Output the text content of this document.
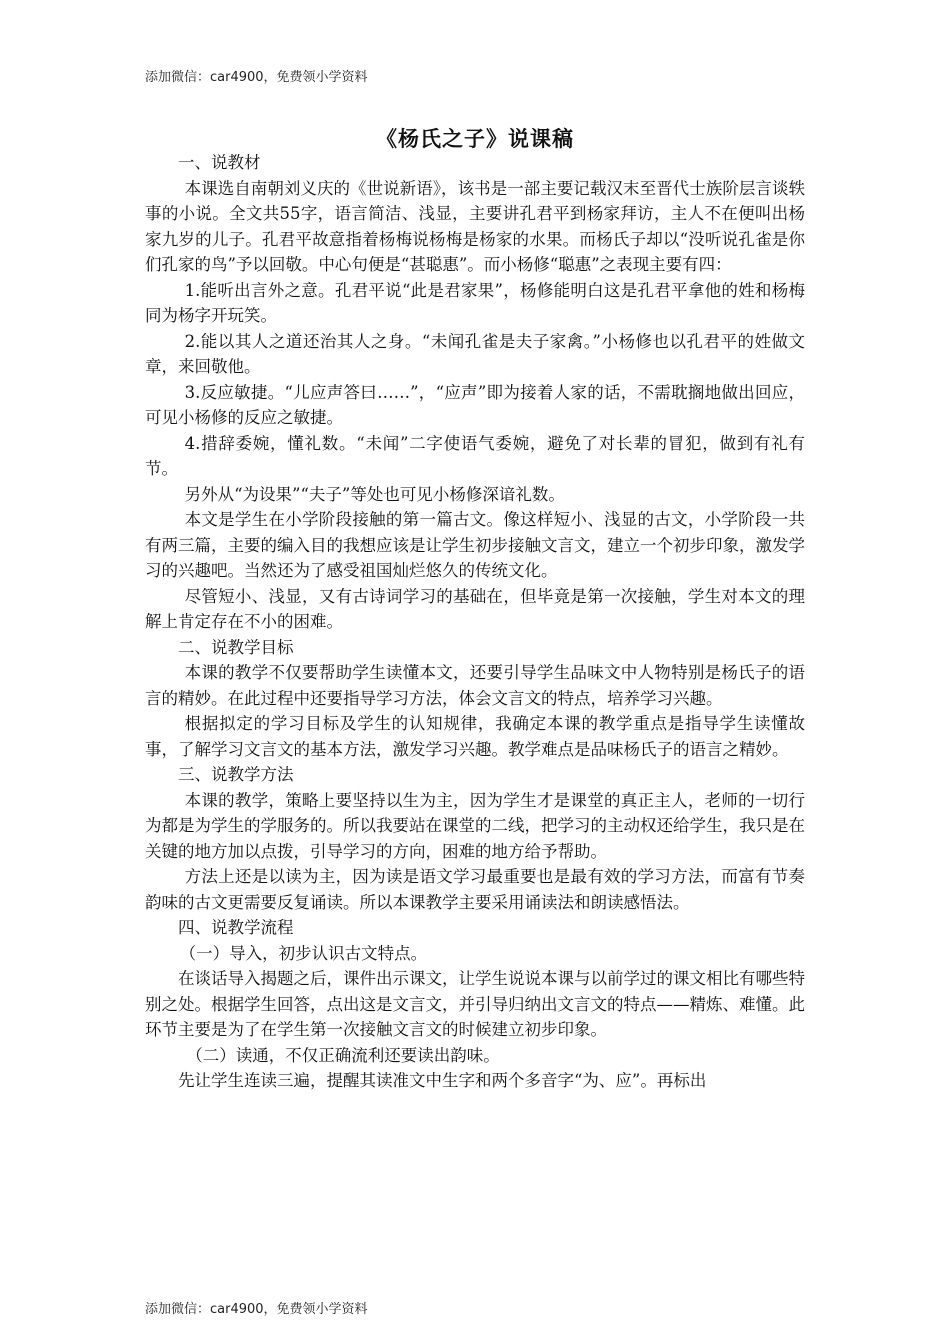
添加微信：car4900，免费领小学资料
《杨氏之子》说课稿

一、说教材

本课选自南朝刘义庆的《世说新语》，该书是一部主要记载汉末至晋代士族阶层言谈轶事的小说。全文共55字，语言简洁、浅显，主要讲孔君平到杨家拜访，主人不在便叫出杨家九岁的儿子。孔君平故意指着杨梅说杨梅是杨家的水果。而杨氏子却以“没听说孔雀是你们孔家的鸟”予以回敬。中心句便是“甚聪惠”。而小杨修“聪惠”之表现主要有四：

1.能听出言外之意。孔君平说“此是君家果”，杨修能明白这是孔君平拿他的姓和杨梅同为杨字开玩笑。

2.能以其人之道还治其人之身。“未闻孔雀是夫子家禽。”小杨修也以孔君平的姓做文章，来回敬他。

3.反应敏捷。“儿应声答曰……”，“应声”即为接着人家的话，不需耽搁地做出回应，可见小杨修的反应之敏捷。

4.措辞委婉，懂礼数。“未闻”二字使语气委婉，避免了对长辈的冒犯，做到有礼有节。

另外从“为设果”“夫子”等处也可见小杨修深谙礼数。

本文是学生在小学阶段接触的第一篇古文。像这样短小、浅显的古文，小学阶段一共有两三篇，主要的编入目的我想应该是让学生初步接触文言文，建立一个初步印象，激发学习的兴趣吧。当然还为了感受祖国灿烂悠久的传统文化。

尽管短小、浅显，又有古诗词学习的基础在，但毕竟是第一次接触，学生对本文的理解上肯定存在不小的困难。

二、说教学目标

本课的教学不仅要帮助学生读懂本文，还要引导学生品味文中人物特别是杨氏子的语言的精妙。在此过程中还要指导学习方法，体会文言文的特点，培养学习兴趣。

根据拟定的学习目标及学生的认知规律，我确定本课的教学重点是指导学生读懂故事，了解学习文言文的基本方法，激发学习兴趣。教学难点是品味杨氏子的语言之精妙。

三、说教学方法

本课的教学，策略上要坚持以生为主，因为学生才是课堂的真正主人，老师的一切行为都是为学生的学服务的。所以我要站在课堂的二线，把学习的主动权还给学生，我只是在关键的地方加以点拨，引导学习的方向，困难的地方给予帮助。

方法上还是以读为主，因为读是语文学习最重要也是最有效的学习方法，而富有节奏韵味的古文更需要反复诵读。所以本课教学主要采用诵读法和朗读感悟法。

四、说教学流程

（一）导入，初步认识古文特点。

在谈话导入揭题之后，课件出示课文，让学生说说本课与以前学过的课文相比有哪些特别之处。根据学生回答，点出这是文言文，并引导归纳出文言文的特点——精炼、难懂。此环节主要是为了在学生第一次接触文言文的时候建立初步印象。

（二）读通，不仅正确流利还要读出韵味。

先让学生连读三遍，提醒其读准文中生字和两个多音字“为、应”。再标出

添加微信：car4900，免费领小学资料
